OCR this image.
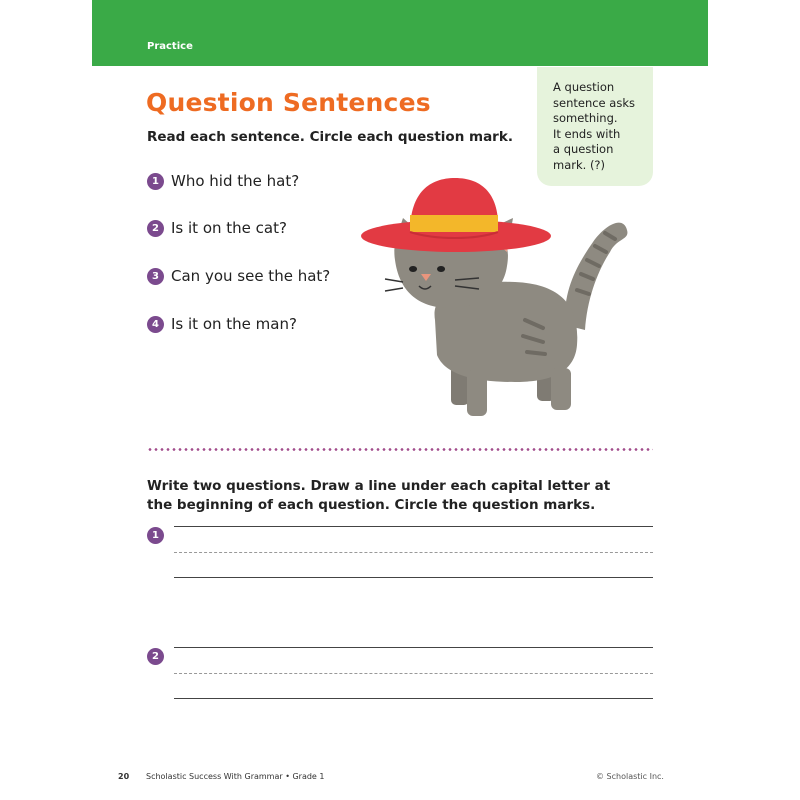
Practice
Question Sentences
Read each sentence. Circle each question mark.

A question
sentence asks
something.
It ends with
a question
mark. (?)

1 Who hid the hat?
2 Is it on the cat?
3 Can you see the hat?
4 Is it on the man?
Write two questions. Draw a line under each capital letter at the beginning of each question. Circle the question marks.
1
2
20 Scholastic Success With Grammar • Grade 1	© Scholastic Inc.
